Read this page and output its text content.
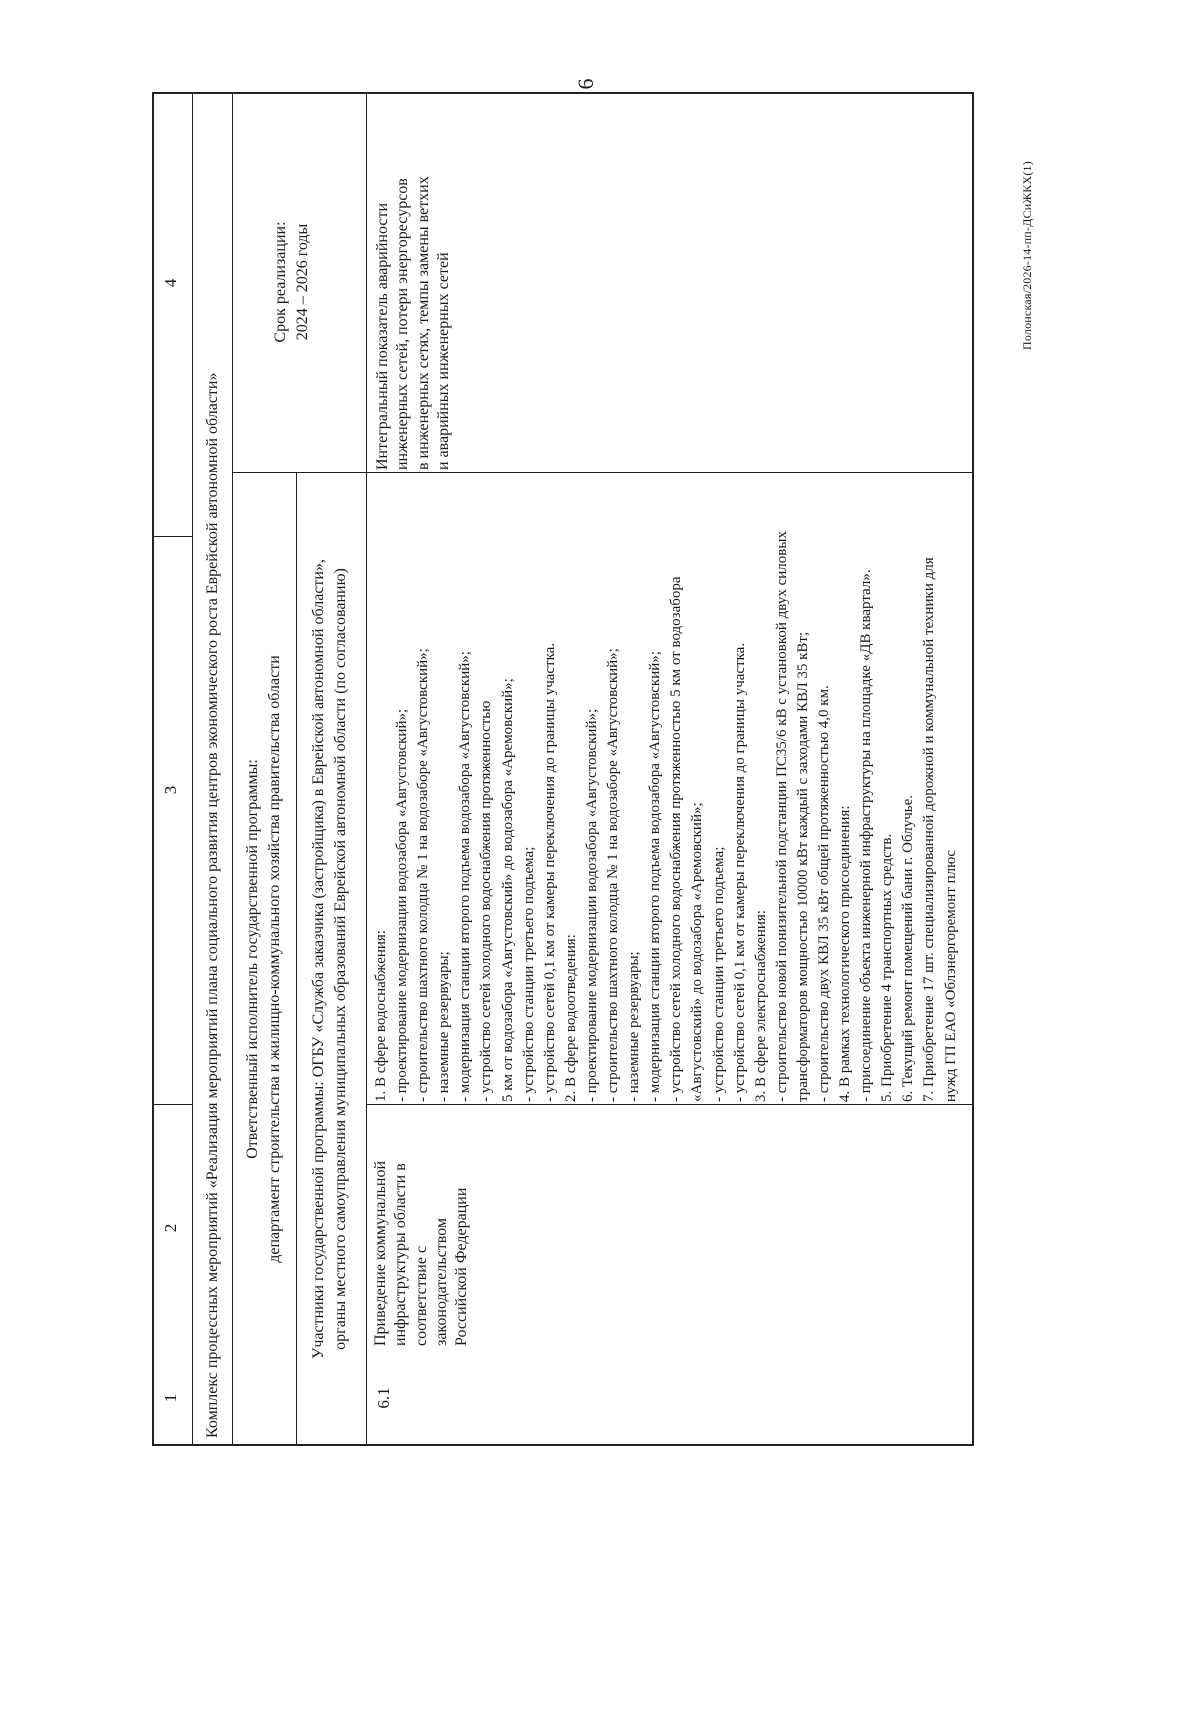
6
1
2
3
4
Комплекс процессных мероприятий «Реализация мероприятий плана социального развития центров экономического роста Еврейской автономной области» Ответственный исполнитель государственной программы: департамент строительства и жилищно-коммунального хозяйства правительства области
Срок реализации: 2024 – 2026 годы
Участники государственной программы: ОГБУ «Служба заказчика (застройщика) в Еврейской автономной области», органы местного самоуправления муниципальных образований Еврейской автономной области (по согласованию)
6.1
Приведение коммунальной инфраструктуры области в соответствие с законодательством Российской Федерации
1. В сфере водоснабжения: - проектирование модернизации водозабора «Августовский»; - строительство шахтного колодца № 1 на водозаборе «Августовский»; - наземные резервуары; - модернизация станции второго подъема водозабора «Августовский»; - устройство сетей холодного водоснабжения протяженностью 5 км от водозабора «Августовский» до водозабора «Аремовский»; - устройство станции третьего подъема; - устройство сетей 0,1 км от камеры переключения до границы участка. 2. В сфере водоотведения: - проектирование модернизации водозабора «Августовский»; - строительство шахтного колодца № 1 на водозаборе «Августовский»; - наземные резервуары; - модернизация станции второго подъема водозабора «Августовский»; - устройство сетей холодного водоснабжения протяженностью 5 км от водозабора «Августовский» до водозабора «Аремовский»; - устройство станции третьего подъема; - устройство сетей 0,1 км от камеры переключения до границы участка. 3. В сфере электроснабжения: - строительство новой понизительной подстанции ПС35/6 кВ с установкой двух силовых трансформаторов мощностью 10000 кВт каждый с заходами КВЛ 35 кВт; - строительство двух КВЛ 35 кВт общей протяженностью 4,0 км. 4. В рамках технологического присоединения: - присоединение объекта инженерной инфраструктуры на площадке «ДВ квартал». 5. Приобретение 4 транспортных средств. 6. Текущий ремонт помещений бани г. Облучье. 7. Приобретение 17 шт. специализированной дорожной и коммунальной техники для нужд ГП ЕАО «Облэнергоремонт плюс
Интегральный показатель аварийности инженерных сетей, потери энергоресурсов в инженерных сетях, темпы замены ветхих и аварийных инженерных сетей	Полонская/2026-14-пп-ДСиЖКХ(1)
